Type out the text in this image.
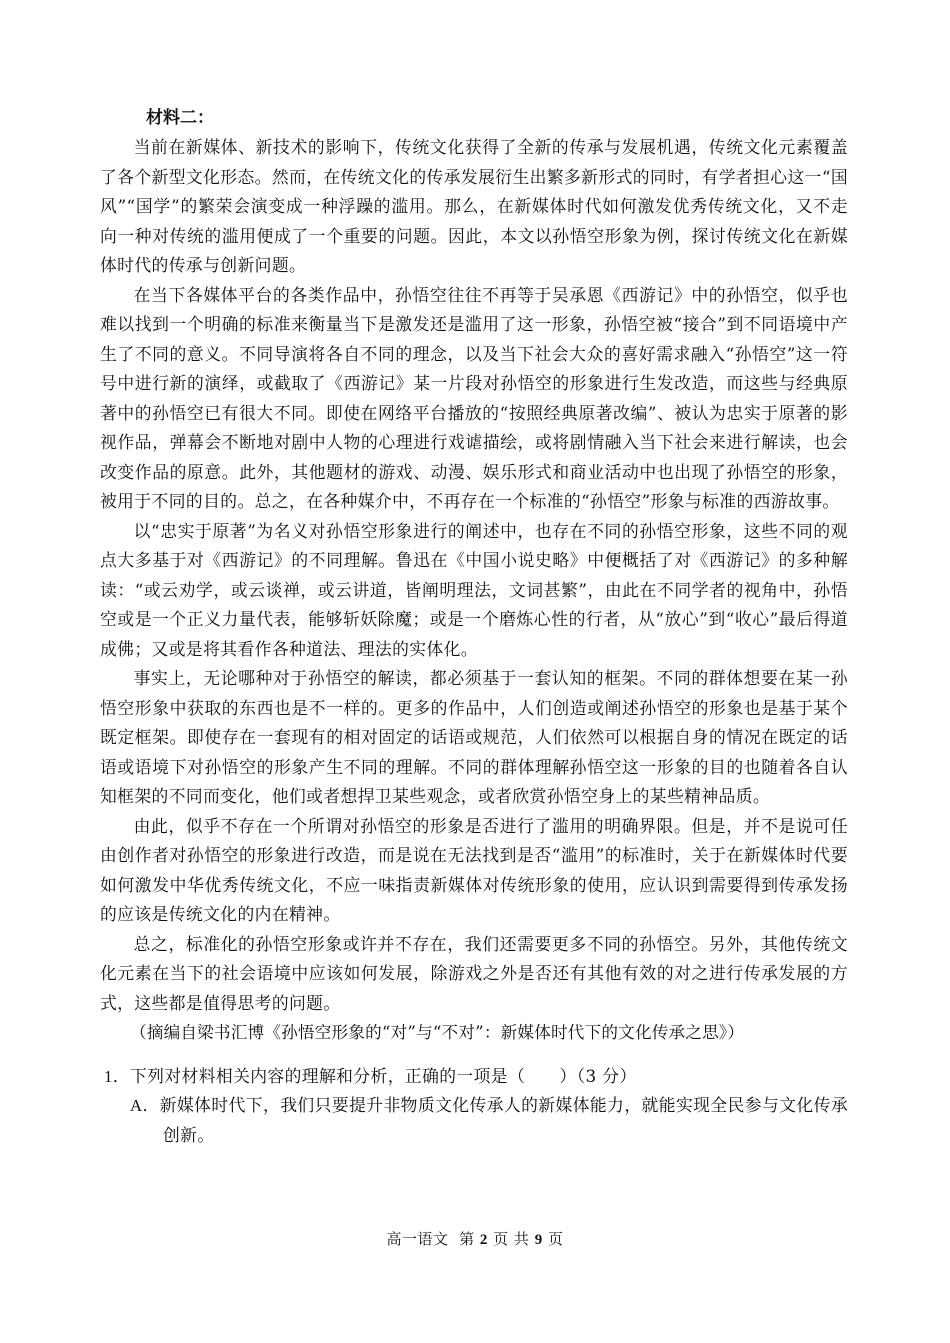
材料二：

当前在新媒体、新技术的影响下，传统文化获得了全新的传承与发展机遇，传统文化元素覆盖了各个新型文化形态。然而，在传统文化的传承发展衍生出繁多新形式的同时，有学者担心这一“国风”“国学”的繁荣会演变成一种浮躁的滥用。那么，在新媒体时代如何激发优秀传统文化，又不走向一种对传统的滥用便成了一个重要的问题。因此，本文以孙悟空形象为例，探讨传统文化在新媒体时代的传承与创新问题。

在当下各媒体平台的各类作品中，孙悟空往往不再等于吴承恩《西游记》中的孙悟空，似乎也难以找到一个明确的标准来衡量当下是激发还是滥用了这一形象，孙悟空被“接合”到不同语境中产生了不同的意义。不同导演将各自不同的理念，以及当下社会大众的喜好需求融入“孙悟空”这一符号中进行新的演绎，或截取了《西游记》某一片段对孙悟空的形象进行生发改造，而这些与经典原著中的孙悟空已有很大不同。即使在网络平台播放的“按照经典原著改编”、被认为忠实于原著的影视作品，弹幕会不断地对剧中人物的心理进行戏谑描绘，或将剧情融入当下社会来进行解读，也会改变作品的原意。此外，其他题材的游戏、动漫、娱乐形式和商业活动中也出现了孙悟空的形象，被用于不同的目的。总之，在各种媒介中，不再存在一个标准的“孙悟空”形象与标准的西游故事。

以“忠实于原著”为名义对孙悟空形象进行的阐述中，也存在不同的孙悟空形象，这些不同的观点大多基于对《西游记》的不同理解。鲁迅在《中国小说史略》中便概括了对《西游记》的多种解读：“或云劝学，或云谈禅，或云讲道，皆阐明理法，文词甚繁”，由此在不同学者的视角中，孙悟空或是一个正义力量代表，能够斩妖除魔；或是一个磨炼心性的行者，从“放心”到“收心”最后得道成佛；又或是将其看作各种道法、理法的实体化。

事实上，无论哪种对于孙悟空的解读，都必须基于一套认知的框架。不同的群体想要在某一孙悟空形象中获取的东西也是不一样的。更多的作品中，人们创造或阐述孙悟空的形象也是基于某个既定框架。即使存在一套现有的相对固定的话语或规范，人们依然可以根据自身的情况在既定的话语或语境下对孙悟空的形象产生不同的理解。不同的群体理解孙悟空这一形象的目的也随着各自认知框架的不同而变化，他们或者想捍卫某些观念，或者欣赏孙悟空身上的某些精神品质。

由此，似乎不存在一个所谓对孙悟空的形象是否进行了滥用的明确界限。但是，并不是说可任由创作者对孙悟空的形象进行改造，而是说在无法找到是否“滥用”的标准时，关于在新媒体时代要如何激发中华优秀传统文化，不应一味指责新媒体对传统形象的使用，应认识到需要得到传承发扬的应该是传统文化的内在精神。

总之，标准化的孙悟空形象或许并不存在，我们还需要更多不同的孙悟空。另外，其他传统文化元素在当下的社会语境中应该如何发展，除游戏之外是否还有其他有效的对之进行传承发展的方式，这些都是值得思考的问题。

（摘编自梁书汇博《孙悟空形象的“对”与“不对”：新媒体时代下的文化传承之思》）

1．下列对材料相关内容的理解和分析，正确的一项是（　　）（3 分）

A．新媒体时代下，我们只要提升非物质文化传承人的新媒体能力，就能实现全民参与文化传承创新。

高一语文 第 2 页 共 9 页
